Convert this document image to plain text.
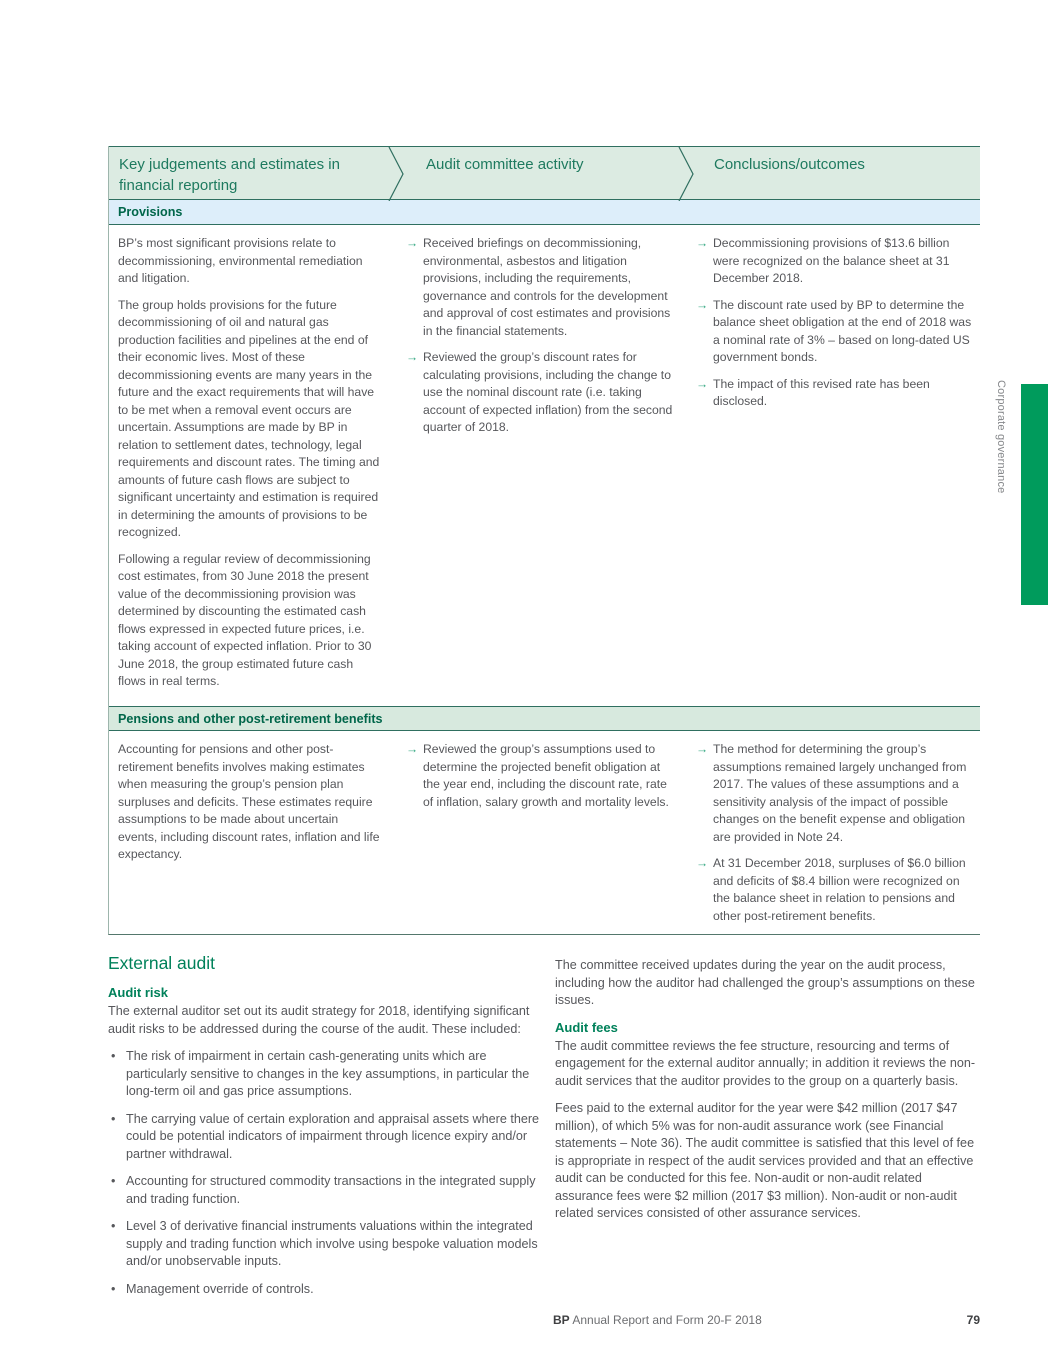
Key judgements and estimates in financial reporting
Audit committee activity	Conclusions/outcomes
Provisions

BP’s most significant provisions relate to decommissioning, environmental remediation and litigation.

The group holds provisions for the future decommissioning of oil and natural gas production facilities and pipelines at the end of their economic lives. Most of these decommissioning events are many years in the future and the exact requirements that will have to be met when a removal event occurs are uncertain. Assumptions are made by BP in relation to settlement dates, technology, legal requirements and discount rates. The timing and amounts of future cash flows are subject to significant uncertainty and estimation is required in determining the amounts of provisions to be recognized.

Following a regular review of decommissioning cost estimates, from 30 June 2018 the present value of the decommissioning provision was determined by discounting the estimated cash flows expressed in expected future prices, i.e. taking account of expected inflation. Prior to 30 June 2018, the group estimated future cash flows in real terms.

→ Received briefings on decommissioning, environmental, asbestos and litigation provisions, including the requirements, governance and controls for the development and approval of cost estimates and provisions in the financial statements.
→ Reviewed the group’s discount rates for calculating provisions, including the change to use the nominal discount rate (i.e. taking account of expected inflation) from the second quarter of 2018.
→ Decommissioning provisions of $13.6 billion were recognized on the balance sheet at 31 December 2018.
→ The discount rate used by BP to determine the balance sheet obligation at the end of 2018 was a nominal rate of 3% – based on long-dated US government bonds.
→ The impact of this revised rate has been disclosed.
Pensions and other post-retirement benefits

Accounting for pensions and other post-retirement benefits involves making estimates when measuring the group’s pension plan surpluses and deficits. These estimates require assumptions to be made about uncertain events, including discount rates, inflation and life expectancy.

→ Reviewed the group’s assumptions used to determine the projected benefit obligation at the year end, including the discount rate, rate of inflation, salary growth and mortality levels.
→ The method for determining the group’s assumptions remained largely unchanged from 2017. The values of these assumptions and a sensitivity analysis of the impact of possible changes on the benefit expense and obligation are provided in Note 24.
→ At 31 December 2018, surpluses of $6.0 billion and deficits of $8.4 billion were recognized on the balance sheet in relation to pensions and other post-retirement benefits.
External audit
Audit risk

The external auditor set out its audit strategy for 2018, identifying significant audit risks to be addressed during the course of the audit. These included:

• The risk of impairment in certain cash-generating units which are particularly sensitive to changes in the key assumptions, in particular the long-term oil and gas price assumptions.
• The carrying value of certain exploration and appraisal assets where there could be potential indicators of impairment through licence expiry and/or partner withdrawal.
• Accounting for structured commodity transactions in the integrated supply and trading function.
• Level 3 of derivative financial instruments valuations within the integrated supply and trading function which involve using bespoke valuation models and/or unobservable inputs.
• Management override of controls.

The committee received updates during the year on the audit process, including how the auditor had challenged the group’s assumptions on these issues.

Audit fees

The audit committee reviews the fee structure, resourcing and terms of engagement for the external auditor annually; in addition it reviews the non-audit services that the auditor provides to the group on a quarterly basis.

Fees paid to the external auditor for the year were $42 million (2017 $47 million), of which 5% was for non-audit assurance work (see Financial statements – Note 36). The audit committee is satisfied that this level of fee is appropriate in respect of the audit services provided and that an effective audit can be conducted for this fee. Non-audit or non-audit related assurance fees were $2 million (2017 $3 million). Non-audit or non-audit related services consisted of other assurance services.

Corporate governance
BP Annual Report and Form 20-F 2018	79
